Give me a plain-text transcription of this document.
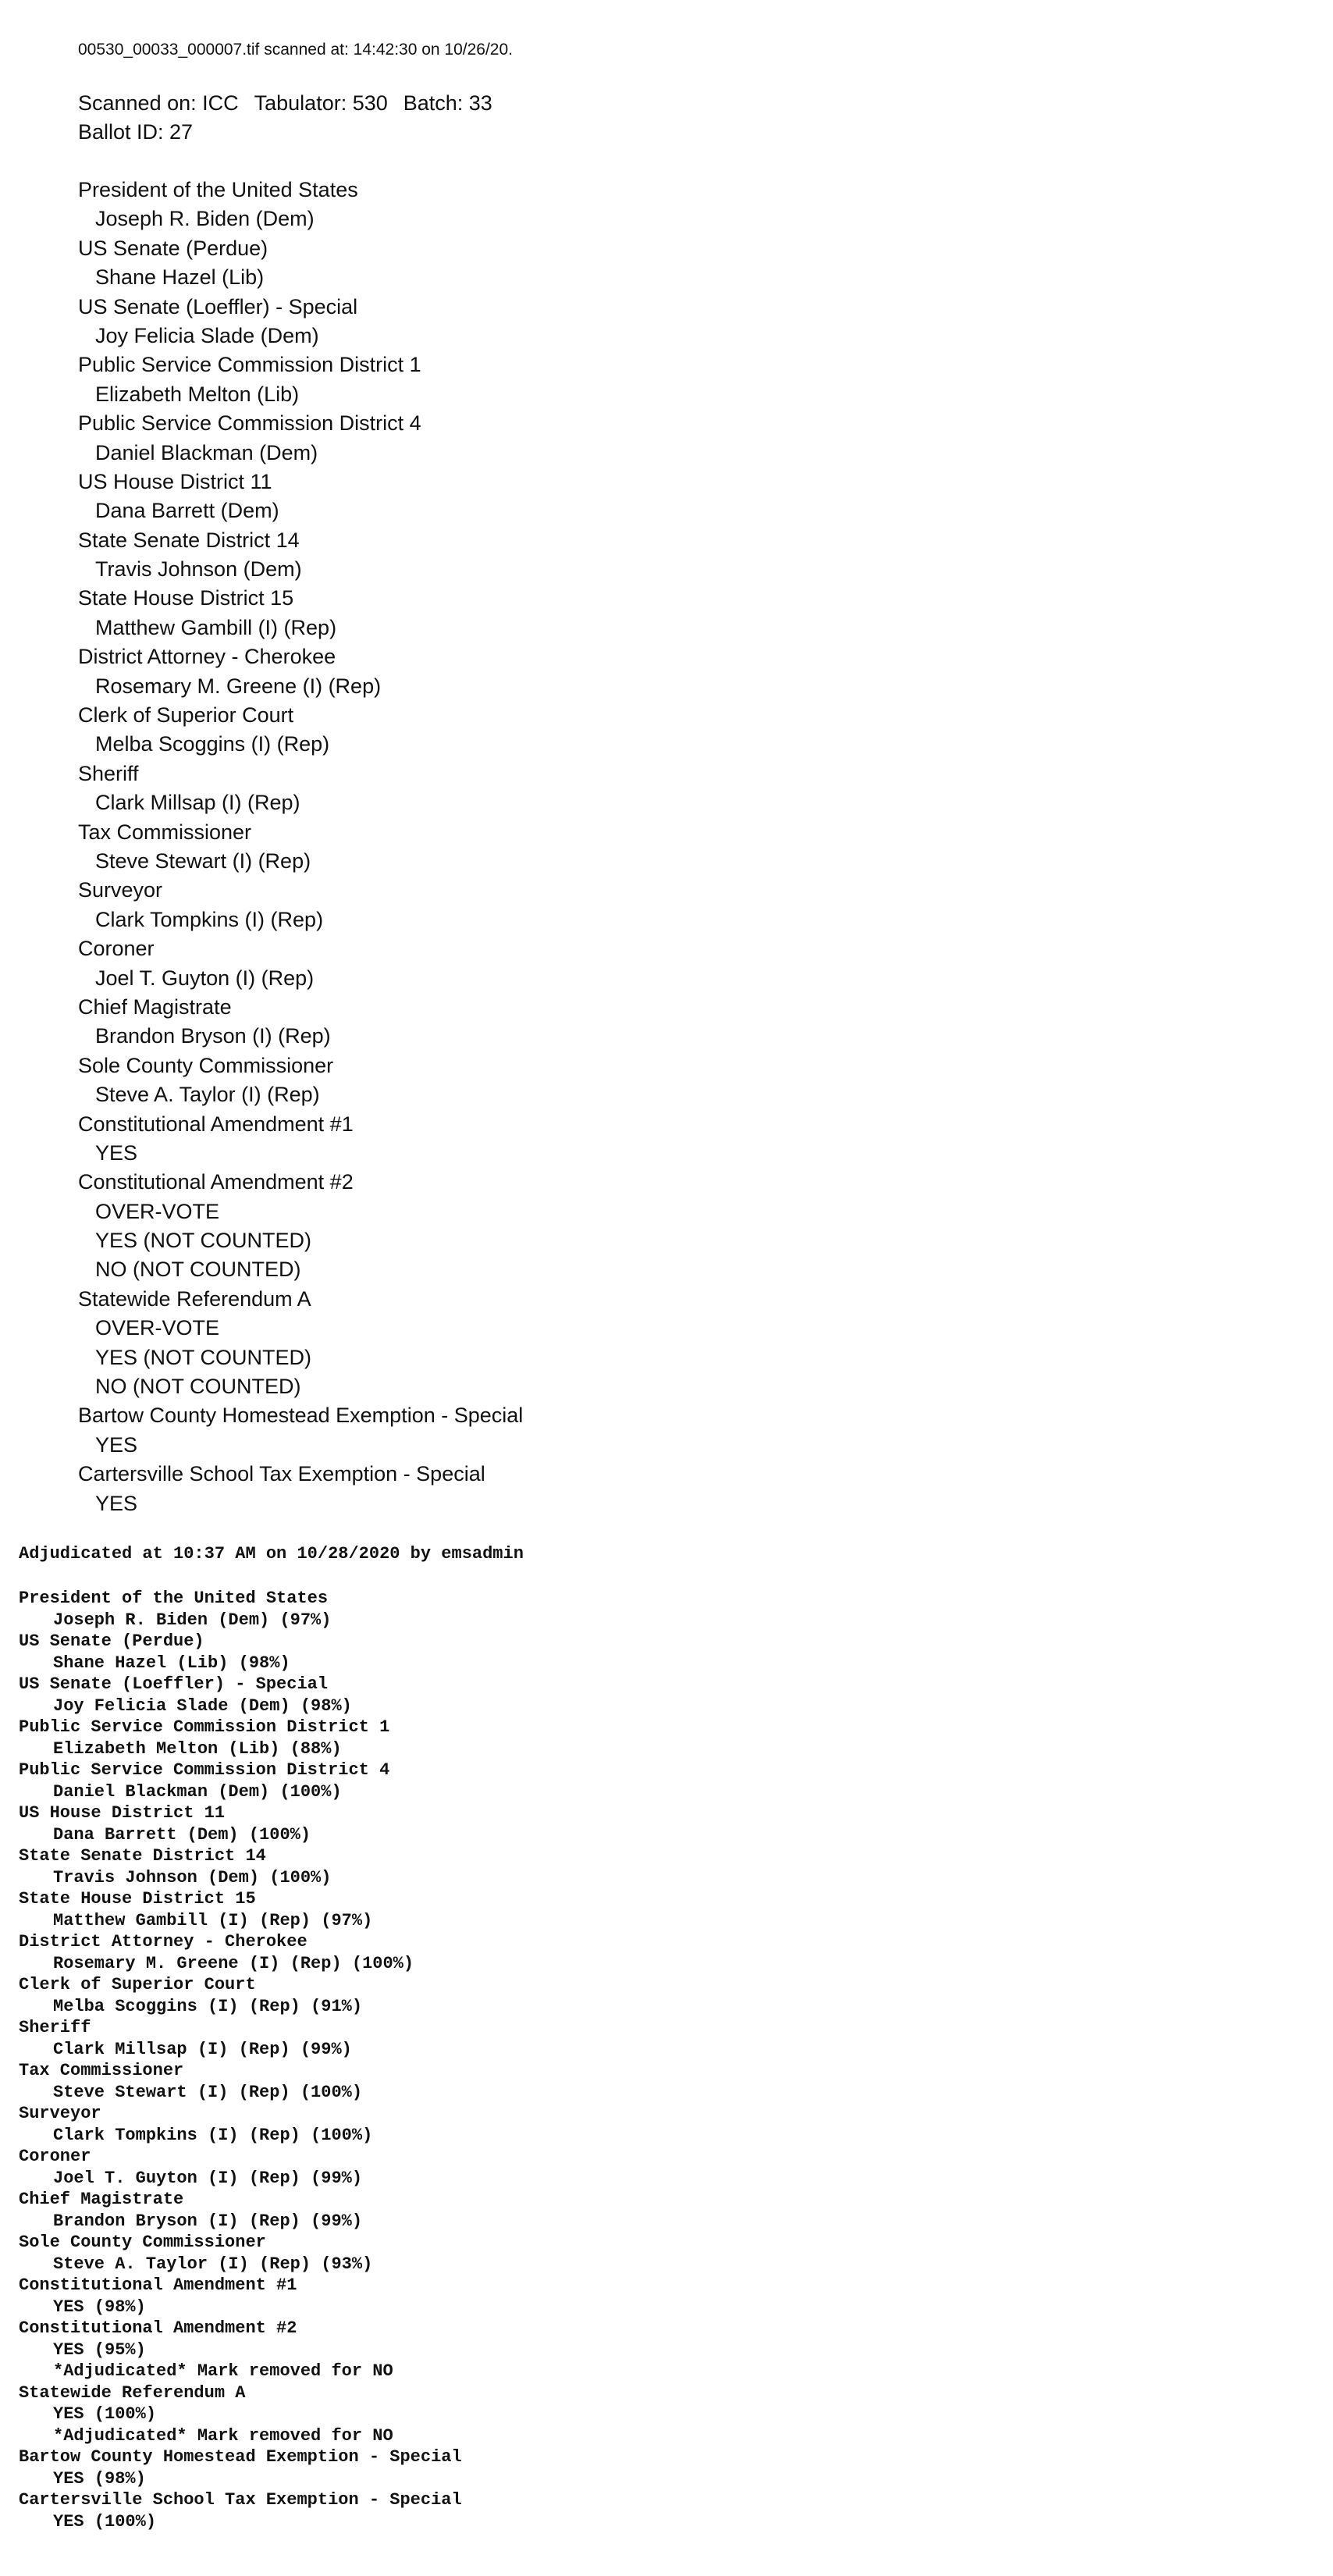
00530_00033_000007.tif scanned at: 14:42:30 on 10/26/20.
Scanned on: ICC Tabulator: 530 Batch: 33
Ballot ID: 27
President of the United States
Joseph R. Biden (Dem)
US Senate (Perdue)
Shane Hazel (Lib)
US Senate (Loeffler) - Special
Joy Felicia Slade (Dem)
Public Service Commission District 1
Elizabeth Melton (Lib)
Public Service Commission District 4
Daniel Blackman (Dem)
US House District 11
Dana Barrett (Dem)
State Senate District 14
Travis Johnson (Dem)
State House District 15
Matthew Gambill (I) (Rep)
District Attorney - Cherokee
Rosemary M. Greene (I) (Rep)
Clerk of Superior Court
Melba Scoggins (I) (Rep)
Sheriff
Clark Millsap (I) (Rep)
Tax Commissioner
Steve Stewart (I) (Rep)
Surveyor
Clark Tompkins (I) (Rep)
Coroner
Joel T. Guyton (I) (Rep)
Chief Magistrate
Brandon Bryson (I) (Rep)
Sole County Commissioner
Steve A. Taylor (I) (Rep)
Constitutional Amendment #1
YES
Constitutional Amendment #2
OVER-VOTE
YES (NOT COUNTED)
NO (NOT COUNTED)
Statewide Referendum A
OVER-VOTE
YES (NOT COUNTED)
NO (NOT COUNTED)
Bartow County Homestead Exemption - Special
YES
Cartersville School Tax Exemption - Special
YES
Adjudicated at 10:37 AM on 10/28/2020 by emsadmin
President of the United States
Joseph R. Biden (Dem) (97%)
US Senate (Perdue)
Shane Hazel (Lib) (98%)
US Senate (Loeffler) - Special
Joy Felicia Slade (Dem) (98%)
Public Service Commission District 1
Elizabeth Melton (Lib) (88%)
Public Service Commission District 4
Daniel Blackman (Dem) (100%)
US House District 11
Dana Barrett (Dem) (100%)
State Senate District 14
Travis Johnson (Dem) (100%)
State House District 15
Matthew Gambill (I) (Rep) (97%)
District Attorney - Cherokee
Rosemary M. Greene (I) (Rep) (100%)
Clerk of Superior Court
Melba Scoggins (I) (Rep) (91%)
Sheriff
Clark Millsap (I) (Rep) (99%)
Tax Commissioner
Steve Stewart (I) (Rep) (100%)
Surveyor
Clark Tompkins (I) (Rep) (100%)
Coroner
Joel T. Guyton (I) (Rep) (99%)
Chief Magistrate
Brandon Bryson (I) (Rep) (99%)
Sole County Commissioner
Steve A. Taylor (I) (Rep) (93%)
Constitutional Amendment #1
YES (98%)
Constitutional Amendment #2
YES (95%)
*Adjudicated* Mark removed for NO
Statewide Referendum A
YES (100%)
*Adjudicated* Mark removed for NO
Bartow County Homestead Exemption - Special
YES (98%)
Cartersville School Tax Exemption - Special
YES (100%)
